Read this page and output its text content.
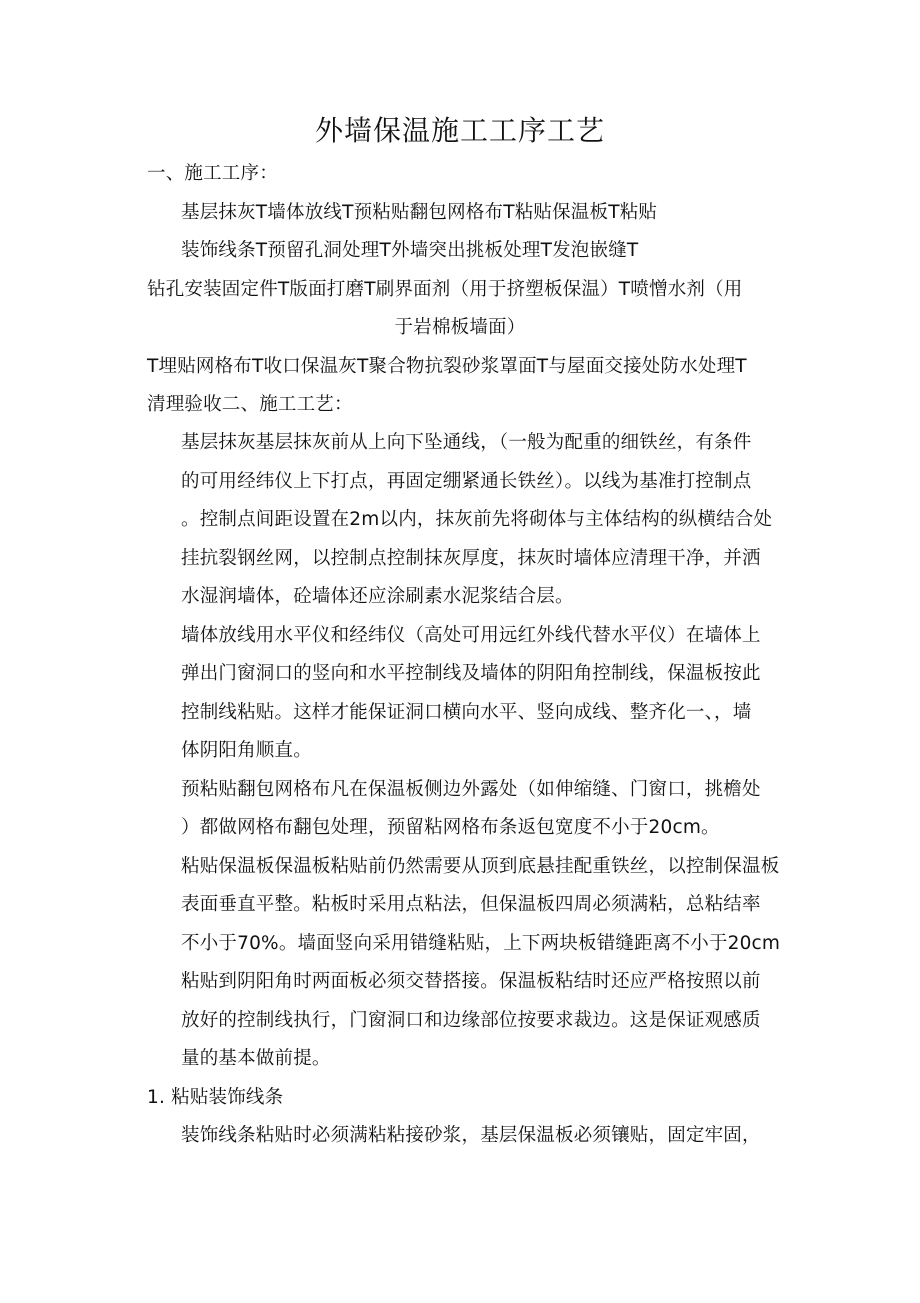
外墙保温施工工序工艺
一、施工工序：
基层抹灰T墙体放线T预粘贴翻包网格布T粘贴保温板T粘贴
装饰线条T预留孔洞处理T外墙突出挑板处理T发泡嵌缝T
钻孔安装固定件T版面打磨T刷界面剂（用于挤塑板保温）T喷憎水剂（用
于岩棉板墙面）
T埋贴网格布T收口保温灰T聚合物抗裂砂浆罩面T与屋面交接处防水处理T
清理验收二、施工工艺：
基层抹灰基层抹灰前从上向下坠通线，（一般为配重的细铁丝，有条件
的可用经纬仪上下打点，再固定绷紧通长铁丝）。以线为基准打控制点
。控制点间距设置在2m以内，抹灰前先将砌体与主体结构的纵横结合处
挂抗裂钢丝网，以控制点控制抹灰厚度，抹灰时墙体应清理干净，并洒
水湿润墙体，砼墙体还应涂刷素水泥浆结合层。
墙体放线用水平仪和经纬仪（高处可用远红外线代替水平仪）在墙体上
弹出门窗洞口的竖向和水平控制线及墙体的阴阳角控制线，保温板按此
控制线粘贴。这样才能保证洞口横向水平、竖向成线、整齐化一、，墙
体阴阳角顺直。
预粘贴翻包网格布凡在保温板侧边外露处（如伸缩缝、门窗口，挑檐处
）都做网格布翻包处理，预留粘网格布条返包宽度不小于20cm。
粘贴保温板保温板粘贴前仍然需要从顶到底悬挂配重铁丝，以控制保温板
表面垂直平整。粘板时采用点粘法，但保温板四周必须满粘，总粘结率
不小于70%。墙面竖向采用错缝粘贴，上下两块板错缝距离不小于20cm
粘贴到阴阳角时两面板必须交替搭接。保温板粘结时还应严格按照以前
放好的控制线执行，门窗洞口和边缘部位按要求裁边。这是保证观感质
量的基本做前提。
1. 粘贴装饰线条
装饰线条粘贴时必须满粘粘接砂浆，基层保温板必须镶贴，固定牢固，
